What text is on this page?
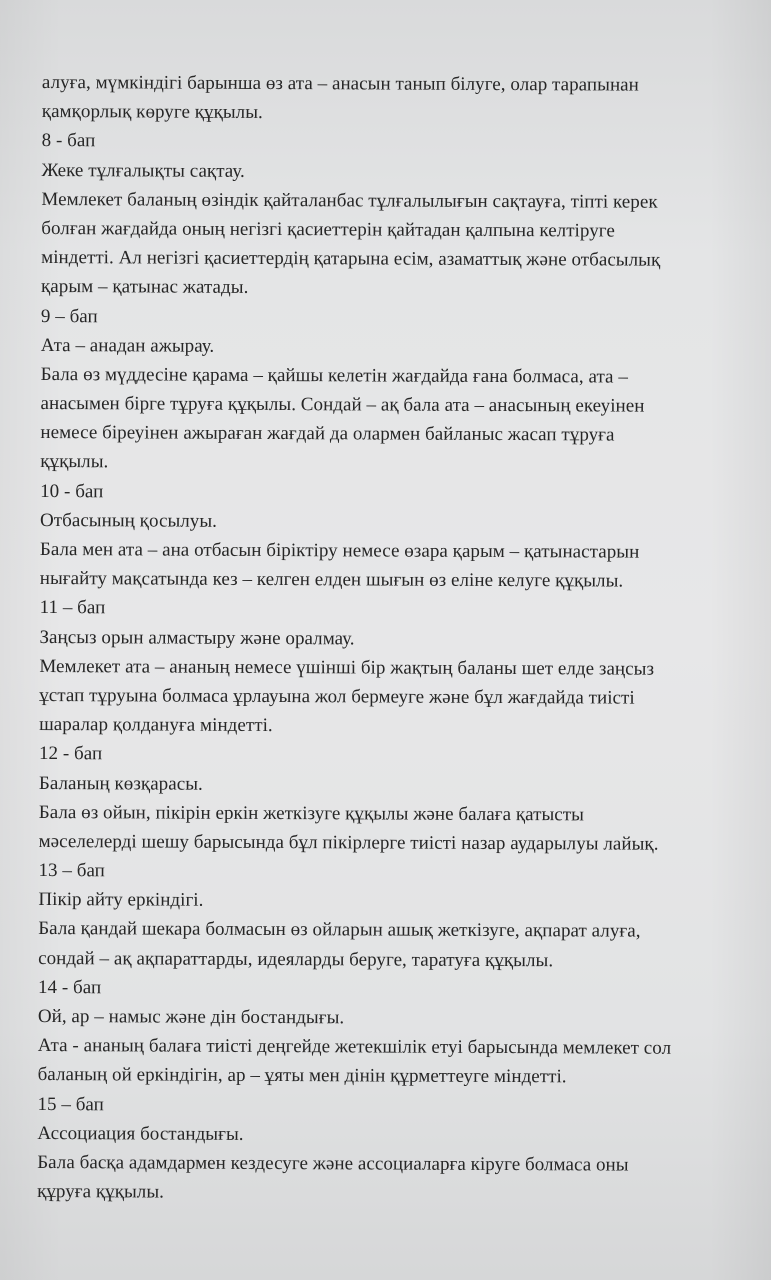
алуға, мүмкіндігі барынша өз ата – анасын танып білуге, олар тарапынан
қамқорлық көруге құқылы.
8 - бап
Жеке тұлғалықты сақтау.
Мемлекет баланың өзіндік қайталанбас тұлғалылығын сақтауға, тіпті керек
болған жағдайда оның негізгі қасиеттерін қайтадан қалпына келтіруге
міндетті. Ал негізгі қасиеттердің қатарына есім, азаматтық және отбасылық
қарым – қатынас жатады.
9 – бап
Ата – анадан ажырау.
Бала өз мүддесіне қарама – қайшы келетін жағдайда ғана болмаса, ата –
анасымен бірге тұруға құқылы. Сондай – ақ бала ата – анасының екеуінен
немесе біреуінен ажыраған жағдай да олармен байланыс жасап тұруға
құқылы.
10 - бап
Отбасының қосылуы.
Бала мен ата – ана отбасын біріктіру немесе өзара қарым – қатынастарын
нығайту мақсатында кез – келген елден шығын өз еліне келуге құқылы.
11 – бап
Заңсыз орын алмастыру және оралмау.
Мемлекет ата – ананың немесе үшінші бір жақтың баланы шет елде заңсыз
ұстап тұруына болмаса ұрлауына жол бермеуге және бұл жағдайда тиісті
шаралар қолдануға міндетті.
12 - бап
Баланың көзқарасы.
Бала өз ойын, пікірін еркін жеткізуге құқылы және балаға қатысты
мәселелерді шешу барысында бұл пікірлерге тиісті назар аударылуы лайық.
13 – бап
Пікір айту еркіндігі.
Бала қандай шекара болмасын өз ойларын ашық жеткізуге, ақпарат алуға,
сондай – ақ ақпараттарды, идеяларды беруге, таратуға құқылы.
14 - бап
Ой, ар – намыс және дін бостандығы.
Ата - ананың балаға тиісті деңгейде жетекшілік етуі барысында мемлекет сол
баланың ой еркіндігін, ар – ұяты мен дінін құрметтеуге міндетті.
15 – бап
Ассоциация бостандығы.
Бала басқа адамдармен кездесуге және ассоциаларға кіруге болмаса оны
құруға құқылы.
